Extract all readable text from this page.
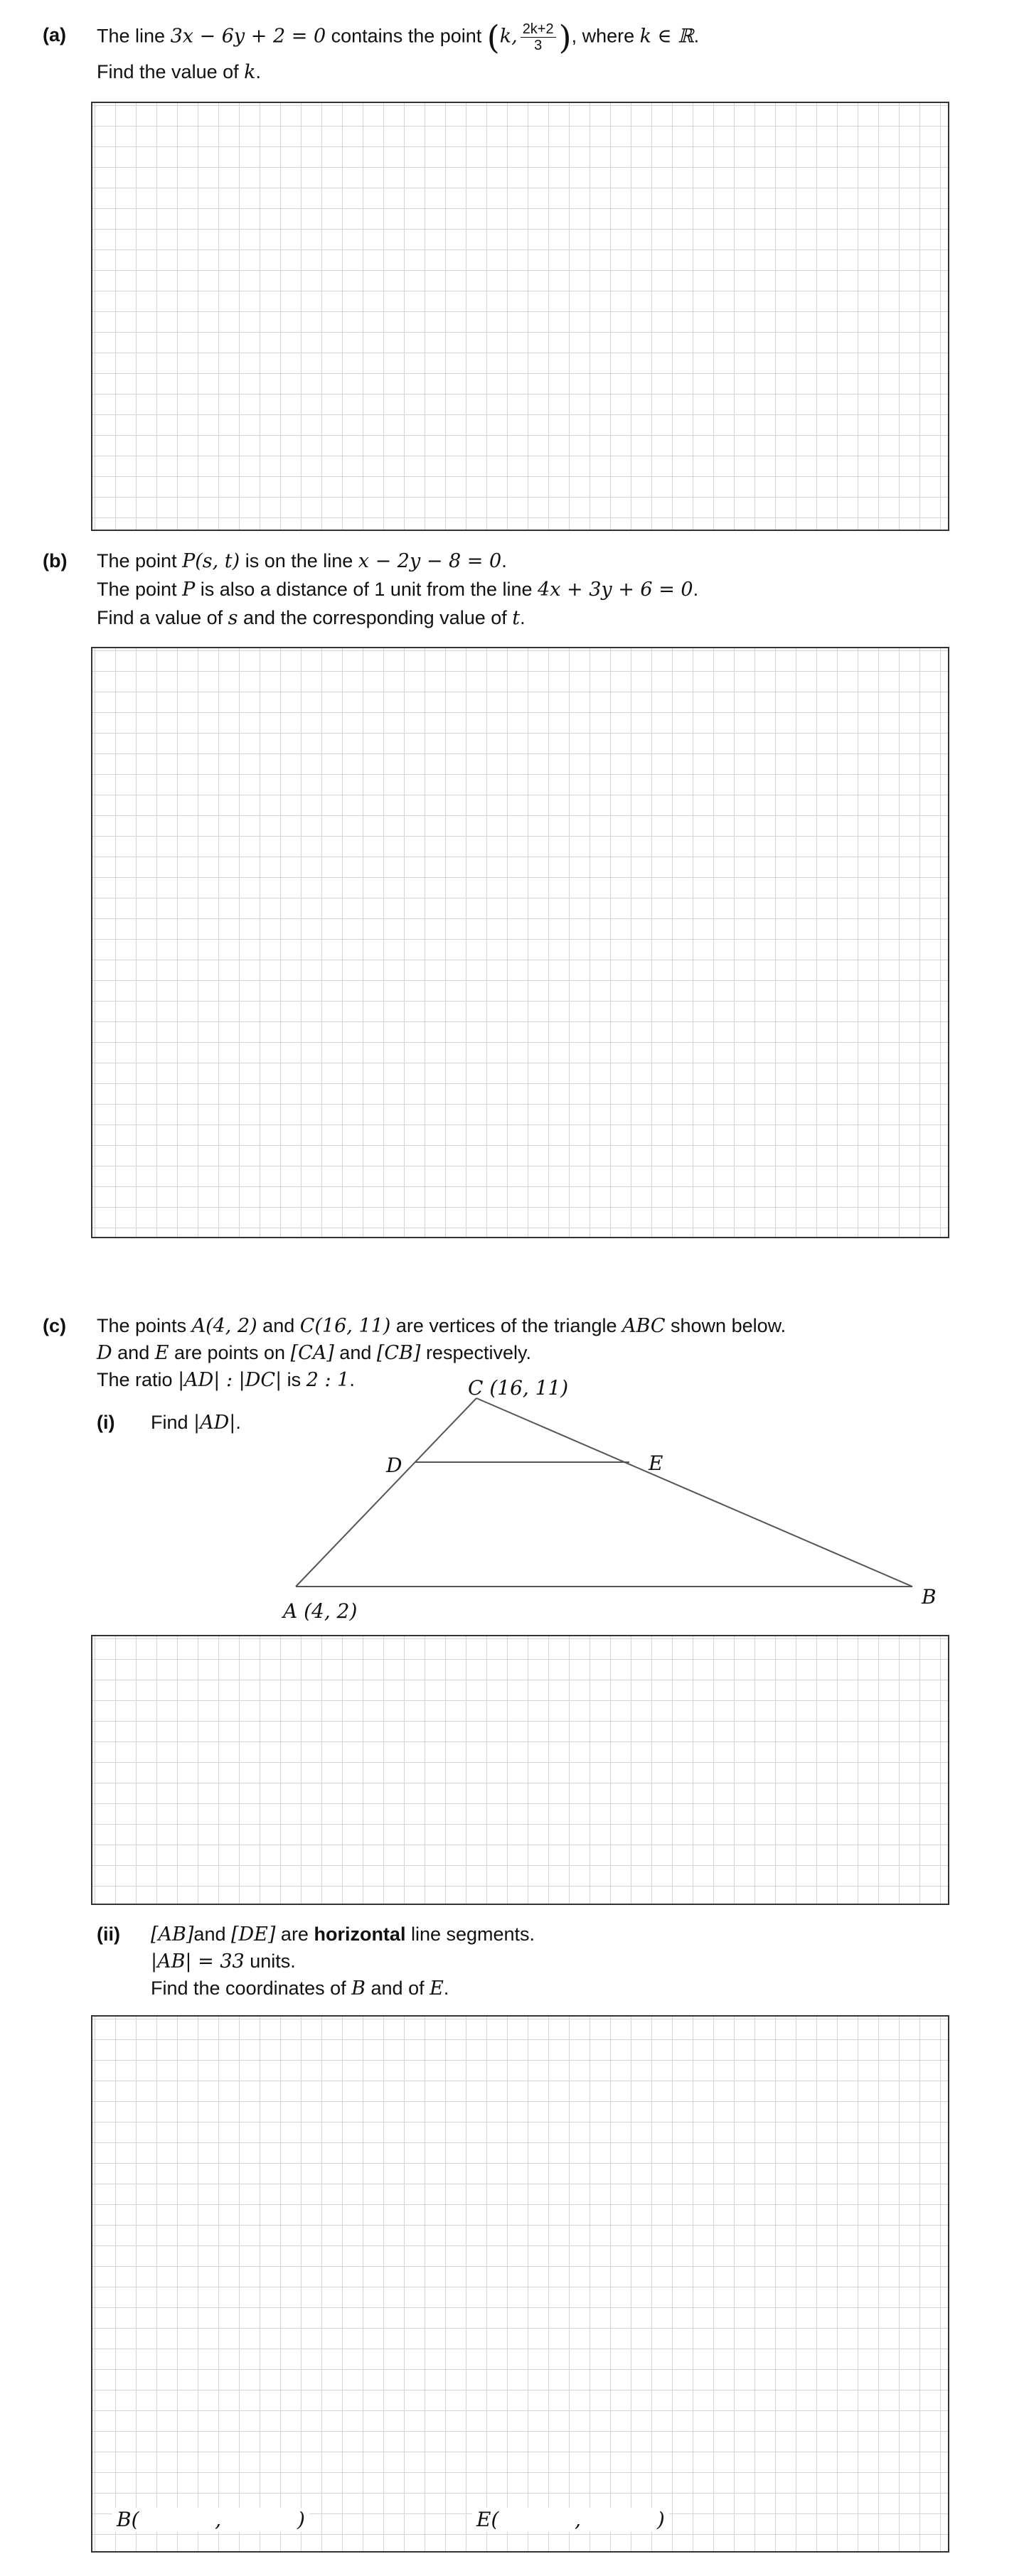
(a) The line 3x − 6y + 2 = 0 contains the point (k, $\frac{2k+2}{3}$ ), where k ∈ ℝ.
Find the value of k.
(b) The point P(s, t) is on the line x − 2y − 8 = 0.
The point P is also a distance of 1 unit from the line 4x + 3y + 6 = 0.
Find a value of s and the corresponding value of t.
(c) The points A(4, 2) and C(16, 11) are vertices of the triangle ABC shown below.
D and E are points on [CA] and [CB] respectively.
The ratio |AD| : |DC| is 2 : 1.
(i) Find |AD|.
C (16, 11)
D	E
A (4, 2)
B
(ii) [AB]and [DE] are horizontal line segments.
|AB| = 33 units.
Find the coordinates of B and of E.
B(            ,            )	E(            ,            )
